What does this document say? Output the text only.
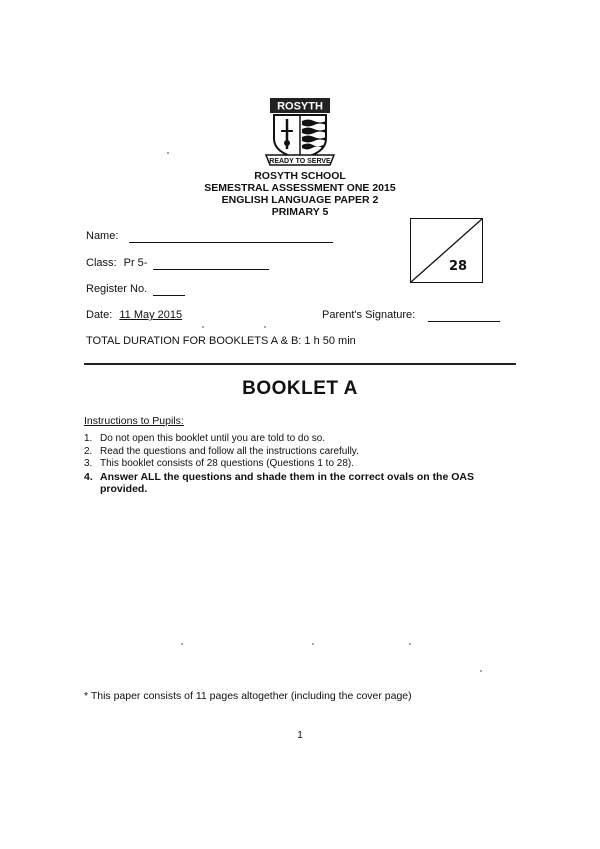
ROSYTH
READY TO SERVE
ROSYTH SCHOOL
SEMESTRAL ASSESSMENT ONE 2015
ENGLISH LANGUAGE PAPER 2
PRIMARY 5
Name:
Class: Pr 5-
Register No.
Date: 11 May 2015	Parent's Signature:
TOTAL DURATION FOR BOOKLETS A & B: 1 h 50 min
28
BOOKLET A
Instructions to Pupils:
1. Do not open this booklet until you are told to do so.
2. Read the questions and follow all the instructions carefully.
3. This booklet consists of 28 questions (Questions 1 to 28).
4. Answer ALL the questions and shade them in the correct ovals on the OAS provided.
* This paper consists of 11 pages altogether (including the cover page)
1
